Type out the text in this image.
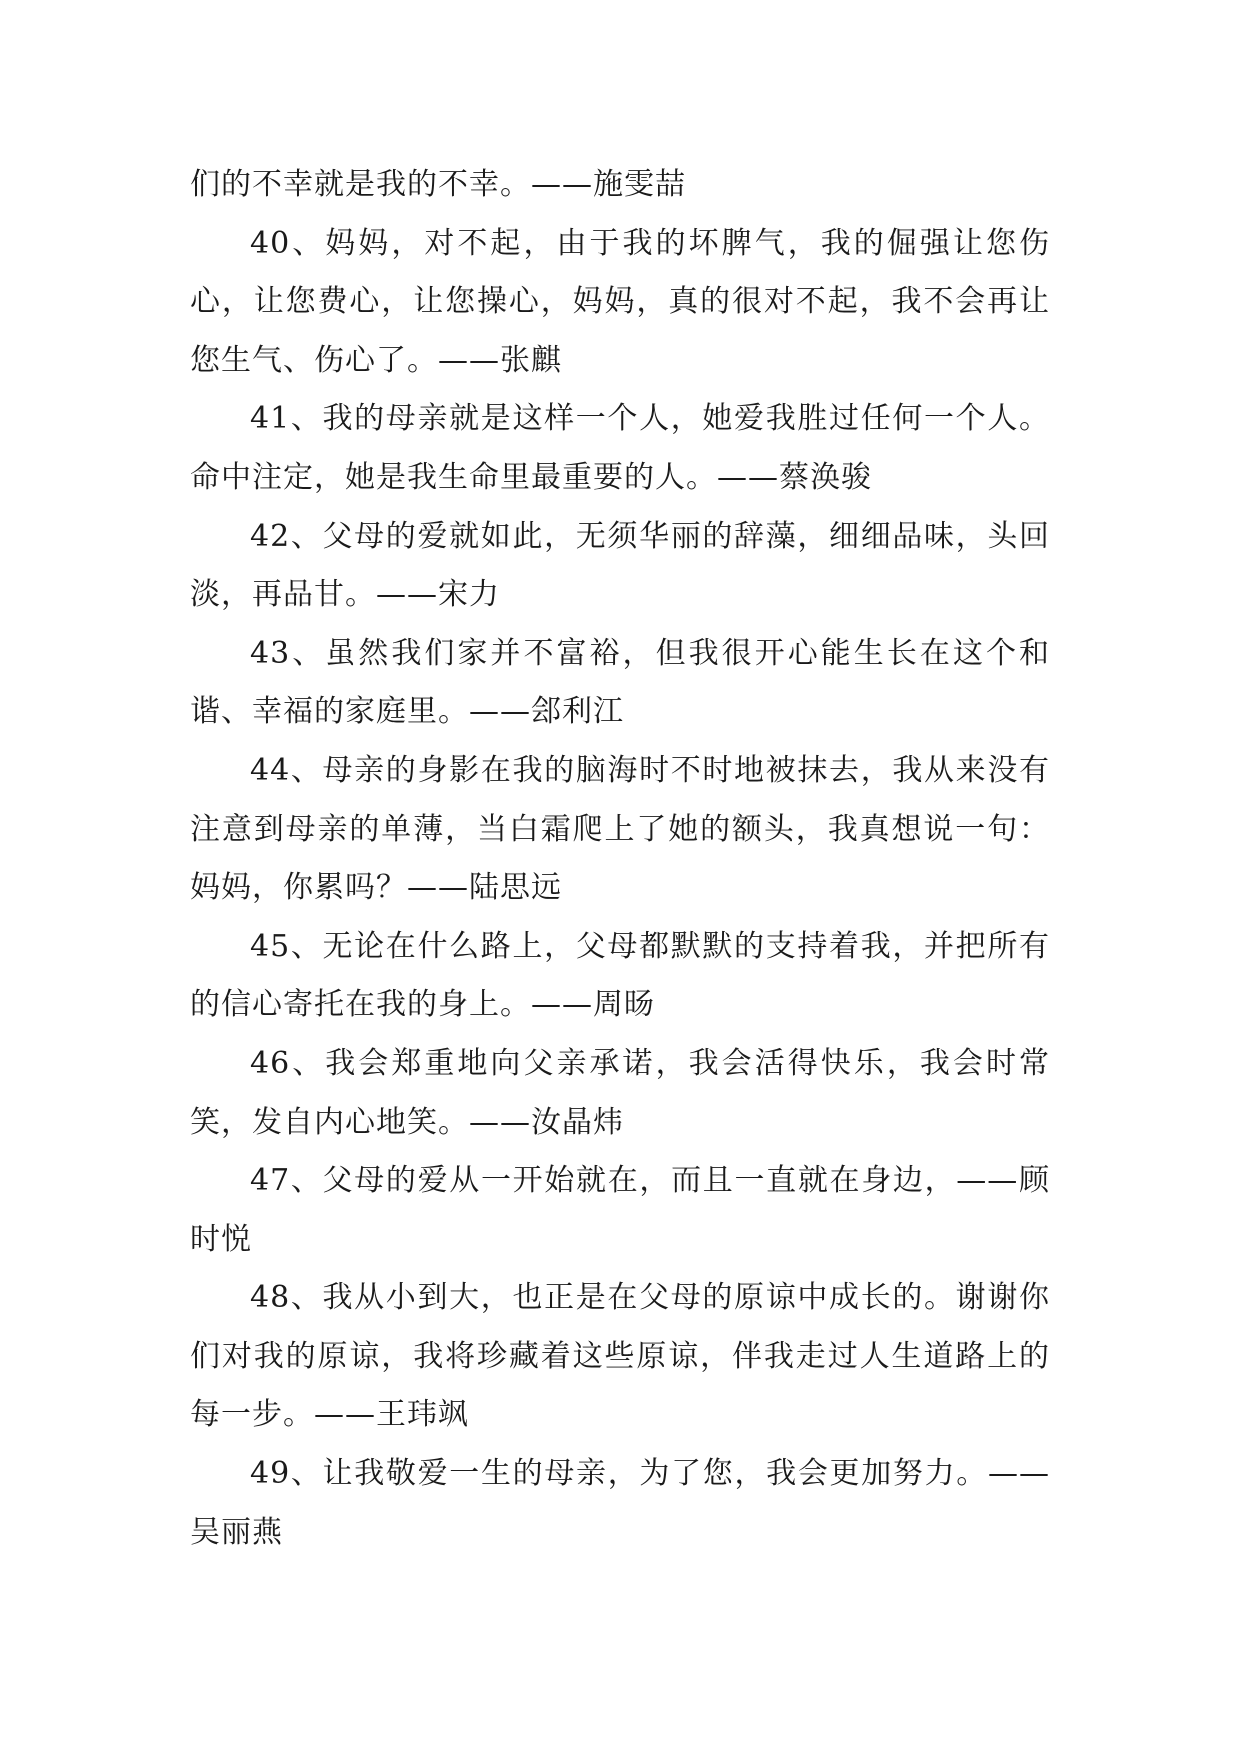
们的不幸就是我的不幸。——施雯喆

40、妈妈，对不起，由于我的坏脾气，我的倔强让您伤心，让您费心，让您操心，妈妈，真的很对不起，我不会再让您生气、伤心了。——张麒

41、我的母亲就是这样一个人，她爱我胜过任何一个人。命中注定，她是我生命里最重要的人。——蔡涣骏

42、父母的爱就如此，无须华丽的辞藻，细细品味，头回淡，再品甘。——宋力

43、虽然我们家并不富裕，但我很开心能生长在这个和谐、幸福的家庭里。——郐利江

44、母亲的身影在我的脑海时不时地被抹去，我从来没有注意到母亲的单薄，当白霜爬上了她的额头，我真想说一句：妈妈，你累吗？——陆思远

45、无论在什么路上，父母都默默的支持着我，并把所有的信心寄托在我的身上。——周旸

46、我会郑重地向父亲承诺，我会活得快乐，我会时常笑，发自内心地笑。——汝晶炜

47、父母的爱从一开始就在，而且一直就在身边，——顾时悦

48、我从小到大，也正是在父母的原谅中成长的。谢谢你们对我的原谅，我将珍藏着这些原谅，伴我走过人生道路上的每一步。——王玮飒

49、让我敬爱一生的母亲，为了您，我会更加努力。——吴丽燕
